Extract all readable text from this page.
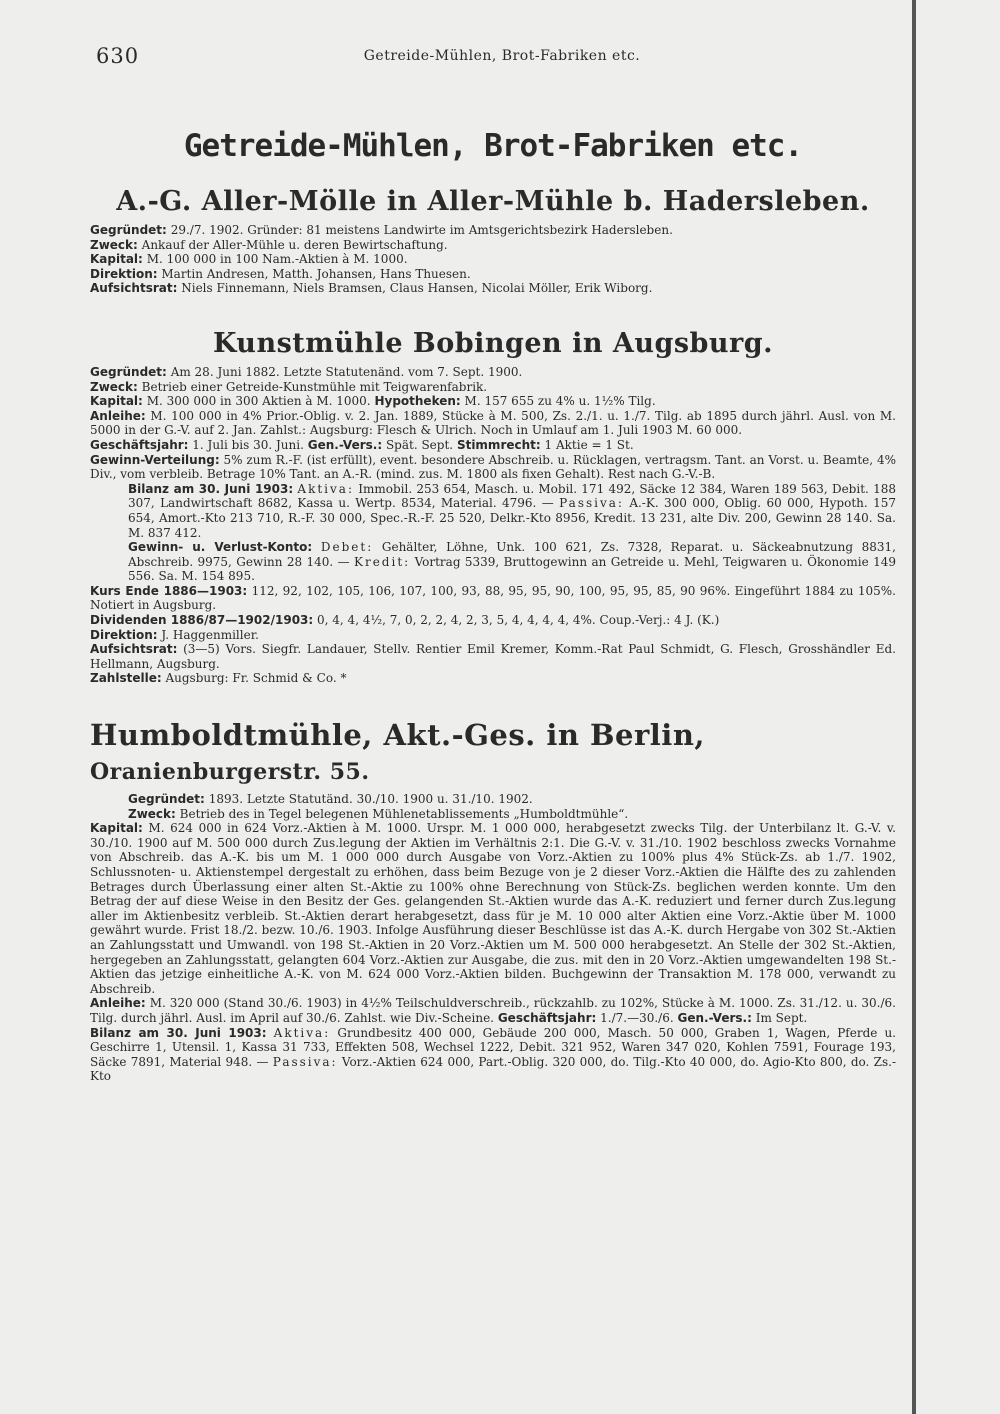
630	Getreide-Mühlen, Brot-Fabriken etc.
Getreide-Mühlen, Brot-Fabriken etc.
A.-G. Aller-Mölle in Aller-Mühle b. Hadersleben.

Gegründet: 29./7. 1902. Gründer: 81 meistens Landwirte im Amtsgerichtsbezirk Hadersleben.

Zweck: Ankauf der Aller-Mühle u. deren Bewirtschaftung.

Kapital: M. 100 000 in 100 Nam.-Aktien à M. 1000.

Direktion: Martin Andresen, Matth. Johansen, Hans Thuesen.

Aufsichtsrat: Niels Finnemann, Niels Bramsen, Claus Hansen, Nicolai Möller, Erik Wiborg.

Kunstmühle Bobingen in Augsburg.

Gegründet: Am 28. Juni 1882. Letzte Statutenänd. vom 7. Sept. 1900.

Zweck: Betrieb einer Getreide-Kunstmühle mit Teigwarenfabrik.

Kapital: M. 300 000 in 300 Aktien à M. 1000. Hypotheken: M. 157 655 zu 4% u. 1½% Tilg.

Anleihe: M. 100 000 in 4% Prior.-Oblig. v. 2. Jan. 1889, Stücke à M. 500, Zs. 2./1. u. 1./7. Tilg. ab 1895 durch jährl. Ausl. von M. 5000 in der G.-V. auf 2. Jan. Zahlst.: Augsburg: Flesch & Ulrich. Noch in Umlauf am 1. Juli 1903 M. 60 000.

Geschäftsjahr: 1. Juli bis 30. Juni. Gen.-Vers.: Spät. Sept. Stimmrecht: 1 Aktie = 1 St.

Gewinn-Verteilung: 5% zum R.-F. (ist erfüllt), event. besondere Abschreib. u. Rücklagen, vertragsm. Tant. an Vorst. u. Beamte, 4% Div., vom verbleib. Betrage 10% Tant. an A.-R. (mind. zus. M. 1800 als fixen Gehalt). Rest nach G.-V.-B.

Bilanz am 30. Juni 1903: Aktiva: Immobil. 253 654, Masch. u. Mobil. 171 492, Säcke 12 384, Waren 189 563, Debit. 188 307, Landwirtschaft 8682, Kassa u. Wertp. 8534, Material. 4796. — Passiva: A.-K. 300 000, Oblig. 60 000, Hypoth. 157 654, Amort.-Kto 213 710, R.-F. 30 000, Spec.-R.-F. 25 520, Delkr.-Kto 8956, Kredit. 13 231, alte Div. 200, Gewinn 28 140. Sa. M. 837 412.

Gewinn- u. Verlust-Konto: Debet: Gehälter, Löhne, Unk. 100 621, Zs. 7328, Reparat. u. Säckeabnutzung 8831, Abschreib. 9975, Gewinn 28 140. — Kredit: Vortrag 5339, Bruttogewinn an Getreide u. Mehl, Teigwaren u. Ökonomie 149 556. Sa. M. 154 895.

Kurs Ende 1886—1903: 112, 92, 102, 105, 106, 107, 100, 93, 88, 95, 95, 90, 100, 95, 95, 85, 90 96%. Eingeführt 1884 zu 105%. Notiert in Augsburg.

Dividenden 1886/87—1902/1903: 0, 4, 4, 4½, 7, 0, 2, 2, 4, 2, 3, 5, 4, 4, 4, 4, 4%. Coup.-Verj.: 4 J. (K.)

Direktion: J. Haggenmiller.

Aufsichtsrat: (3—5) Vors. Siegfr. Landauer, Stellv. Rentier Emil Kremer, Komm.-Rat Paul Schmidt, G. Flesch, Grosshändler Ed. Hellmann, Augsburg.

Zahlstelle: Augsburg: Fr. Schmid & Co. *

Humboldtmühle, Akt.-Ges. in Berlin, Oranienburgerstr. 55.

Gegründet: 1893. Letzte Statutänd. 30./10. 1900 u. 31./10. 1902.

Zweck: Betrieb des in Tegel belegenen Mühlenetablissements „Humboldtmühle“.

Kapital: M. 624 000 in 624 Vorz.-Aktien à M. 1000. Urspr. M. 1 000 000, herabgesetzt zwecks Tilg. der Unterbilanz lt. G.-V. v. 30./10. 1900 auf M. 500 000 durch Zus.legung der Aktien im Verhältnis 2:1. Die G.-V. v. 31./10. 1902 beschloss zwecks Vornahme von Abschreib. das A.-K. bis um M. 1 000 000 durch Ausgabe von Vorz.-Aktien zu 100% plus 4% Stück-Zs. ab 1./7. 1902, Schlussnoten- u. Aktienstempel dergestalt zu erhöhen, dass beim Bezuge von je 2 dieser Vorz.-Aktien die Hälfte des zu zahlenden Betrages durch Überlassung einer alten St.-Aktie zu 100% ohne Berechnung von Stück-Zs. beglichen werden konnte. Um den Betrag der auf diese Weise in den Besitz der Ges. gelangenden St.-Aktien wurde das A.-K. reduziert und ferner durch Zus.legung aller im Aktienbesitz verbleib. St.-Aktien derart herabgesetzt, dass für je M. 10 000 alter Aktien eine Vorz.-Aktie über M. 1000 gewährt wurde. Frist 18./2. bezw. 10./6. 1903. Infolge Ausführung dieser Beschlüsse ist das A.-K. durch Hergabe von 302 St.-Aktien an Zahlungsstatt und Umwandl. von 198 St.-Aktien in 20 Vorz.-Aktien um M. 500 000 herabgesetzt. An Stelle der 302 St.-Aktien, hergegeben an Zahlungsstatt, gelangten 604 Vorz.-Aktien zur Ausgabe, die zus. mit den in 20 Vorz.-Aktien umgewandelten 198 St.-Aktien das jetzige einheitliche A.-K. von M. 624 000 Vorz.-Aktien bilden. Buchgewinn der Transaktion M. 178 000, verwandt zu Abschreib.

Anleihe: M. 320 000 (Stand 30./6. 1903) in 4½% Teilschuldverschreib., rückzahlb. zu 102%, Stücke à M. 1000. Zs. 31./12. u. 30./6. Tilg. durch jährl. Ausl. im April auf 30./6. Zahlst. wie Div.-Scheine. Geschäftsjahr: 1./7.—30./6. Gen.-Vers.: Im Sept.

Bilanz am 30. Juni 1903: Aktiva: Grundbesitz 400 000, Gebäude 200 000, Masch. 50 000, Graben 1, Wagen, Pferde u. Geschirre 1, Utensil. 1, Kassa 31 733, Effekten 508, Wechsel 1222, Debit. 321 952, Waren 347 020, Kohlen 7591, Fourage 193, Säcke 7891, Material 948. — Passiva: Vorz.-Aktien 624 000, Part.-Oblig. 320 000, do. Tilg.-Kto 40 000, do. Agio-Kto 800, do. Zs.-Kto
